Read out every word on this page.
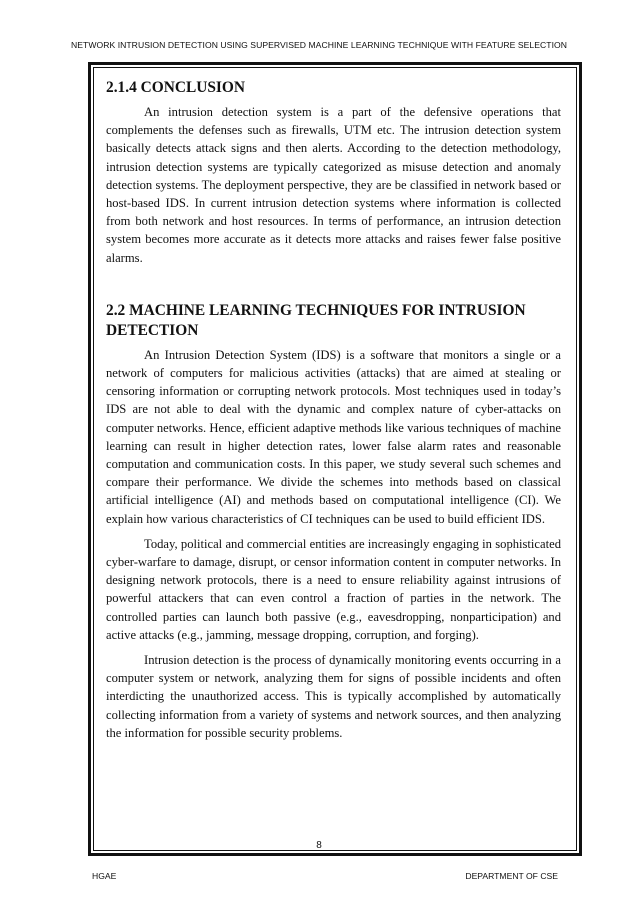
NETWORK INTRUSION DETECTION USING SUPERVISED MACHINE LEARNING TECHNIQUE WITH FEATURE SELECTION
2.1.4 CONCLUSION

An intrusion detection system is a part of the defensive operations that complements the defenses such as firewalls, UTM etc. The intrusion detection system basically detects attack signs and then alerts. According to the detection methodology, intrusion detection systems are typically categorized as misuse detection and anomaly detection systems. The deployment perspective, they are be classified in network based or host-based IDS. In current intrusion detection systems where information is collected from both network and host resources. In terms of performance, an intrusion detection system becomes more accurate as it detects more attacks and raises fewer false positive alarms.

2.2 MACHINE LEARNING TECHNIQUES FOR INTRUSION DETECTION

An Intrusion Detection System (IDS) is a software that monitors a single or a network of computers for malicious activities (attacks) that are aimed at stealing or censoring information or corrupting network protocols. Most techniques used in today’s IDS are not able to deal with the dynamic and complex nature of cyber-attacks on computer networks. Hence, efficient adaptive methods like various techniques of machine learning can result in higher detection rates, lower false alarm rates and reasonable computation and communication costs. In this paper, we study several such schemes and compare their performance. We divide the schemes into methods based on classical artificial intelligence (AI) and methods based on computational intelligence (CI). We explain how various characteristics of CI techniques can be used to build efficient IDS.

Today, political and commercial entities are increasingly engaging in sophisticated cyber-warfare to damage, disrupt, or censor information content in computer networks. In designing network protocols, there is a need to ensure reliability against intrusions of powerful attackers that can even control a fraction of parties in the network. The controlled parties can launch both passive (e.g., eavesdropping, nonparticipation) and active attacks (e.g., jamming, message dropping, corruption, and forging).

Intrusion detection is the process of dynamically monitoring events occurring in a computer system or network, analyzing them for signs of possible incidents and often interdicting the unauthorized access. This is typically accomplished by automatically collecting information from a variety of systems and network sources, and then analyzing the information for possible security problems.

8
HGAE	DEPARTMENT OF CSE
